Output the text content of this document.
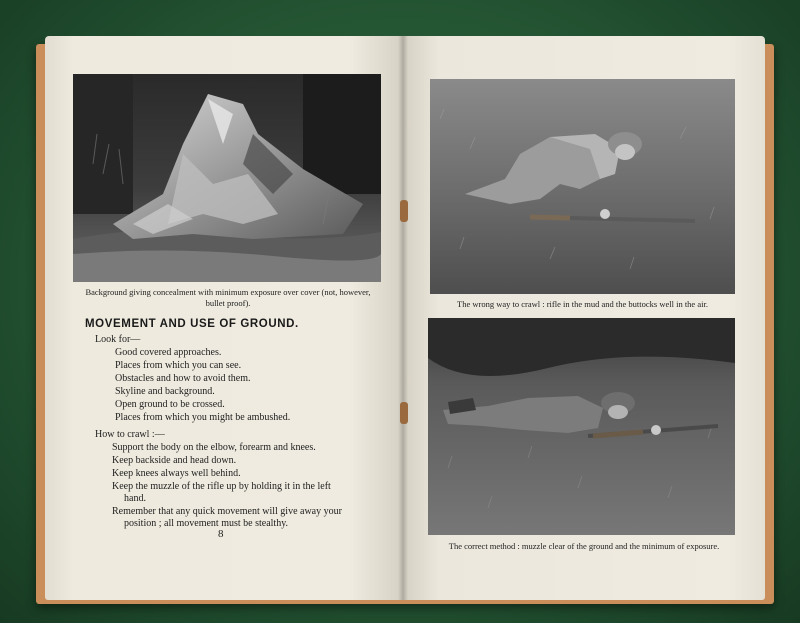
Background giving concealment with minimum exposure over cover (not, however, bullet proof).
MOVEMENT AND USE OF GROUND.
Look for—
Good covered approaches.
Places from which you can see.
Obstacles and how to avoid them.
Skyline and background.
Open ground to be crossed.
Places from which you might be ambushed.
How to crawl :—
Support the body on the elbow, forearm and knees.
Keep backside and head down.
Keep knees always well behind.
Keep the muzzle of the rifle up by holding it in the left
hand.
Remember that any quick movement will give away your
position ; all movement must be stealthy.
8
The wrong way to crawl : rifle in the mud and the buttocks well in the air.
The correct method : muzzle clear of the ground and the minimum of exposure.
